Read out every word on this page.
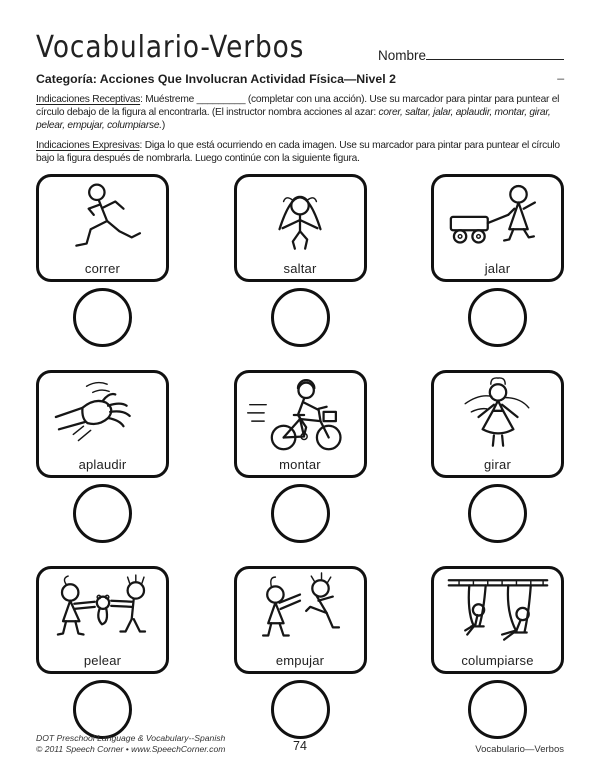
Vocabulario-Verbos	Nombre
_

Categoría: Acciones Que Involucran Actividad Física—Nivel 2

Indicaciones Receptivas: Muéstreme _________ (completar con una acción). Use su marcador para pintar para puntear el círculo debajo de la figura al encontrarla. (El instructor nombra acciones al azar: corer, saltar, jalar, aplaudir, montar, girar, pelear, empujar, columpiarse.)

Indicaciones Expresivas: Diga lo que está ocurriendo en cada imagen. Use su marcador para pintar para puntear el círculo bajo la figura después de nombrarla. Luego continúe con la siguiente figura.

correr	saltar	jalar
aplaudir	montar	girar
pelear	empujar	columpiarse
DOT Preschool Language & Vocabulary--Spanish
© 2011 Speech Corner • www.SpeechCorner.com	74	Vocabulario—Verbos
